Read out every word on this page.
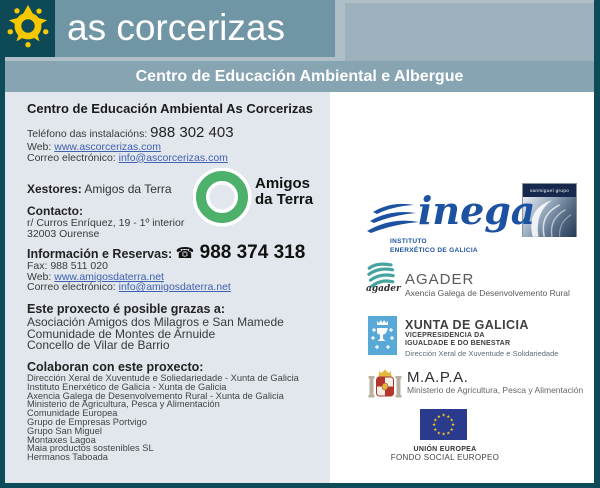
as corcerizas
Centro de Educación Ambiental e Albergue
Centro de Educación Ambiental As Corcerizas
Teléfono das instalacións: 988 302 403
Web: www.ascorcerizas.com
Correo electrónico: info@ascorcerizas.com
Xestores: Amigos da Terra
Contacto:
r/ Curros Enríquez, 19 - 1º interior
32003 Ourense
Información e Reservas: ☎ 988 374 318
Fax: 988 511 020
Web: www.amigosdaterra.net
Correo electrónico: info@amigosdaterra.net
Este proxecto é posible grazas a:
Asociación Amigos dos Milagros e San Mamede
Comunidade de Montes de Arnuide
Concello de Vilar de Barrio
Colaboran con este proxecto:
Dirección Xeral de Xuventude e Soliedariedade - Xunta de Galicia
Instituto Enerxético de Galicia - Xunta de Galicia
Axencia Galega de Desenvolvemento Rural - Xunta de Galicia
Ministerio de Agricultura, Pesca y Alimentación
Comunidade Europea
Grupo de Empresas Portvigo
Grupo San Miguel
Montaxes Lagoa
Maia productos sostenibles SL
Hermanos Taboada
Amigos
da Terra
sanmiguel grupo
inega
INSTITUTO
ENERXÉTICO DE GALICIA
agader
AGADER
Axencia Galega de Desenvolvemento Rural
XUNTA DE GALICIA
VICEPRESIDENCIA DA
IGUALDADE E DO BENESTAR
Dirección Xeral de Xuventude e Solidariedade
M.A.P.A.
Ministerio de Agricultura, Pesca y Alimentación
★ ★
★
★
★
★
★
★
★
★
★
★
UNIÓN EUROPEA
FONDO SOCIAL EUROPEO
